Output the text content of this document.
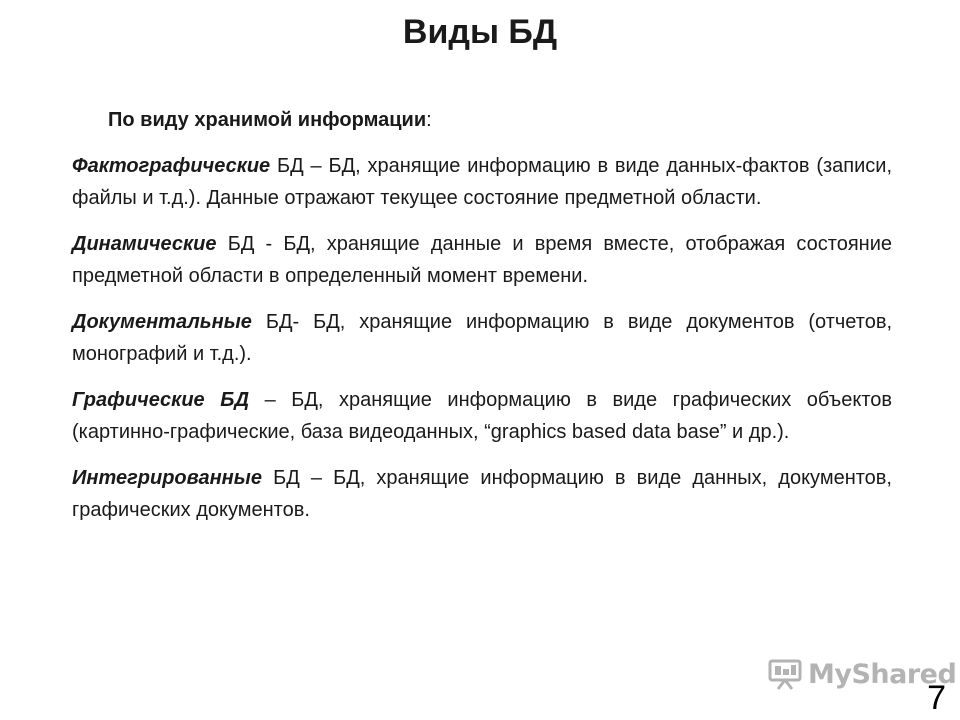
Виды БД

По виду хранимой информации:

Фактографические БД – БД, хранящие информацию в виде данных-фактов (записи, файлы и т.д.). Данные отражают текущее состояние предметной области.

Динамические БД - БД, хранящие данные и время вместе, отображая состояние предметной области в определенный момент времени.

Документальные БД- БД, хранящие информацию в виде документов (отчетов, монографий и т.д.).

Графические БД – БД, хранящие информацию в виде графических объектов (картинно-графические, база видеоданных, “graphics based data base” и др.).

Интегрированные БД – БД, хранящие информацию в виде данных, документов, графических документов.

MyShared
7
